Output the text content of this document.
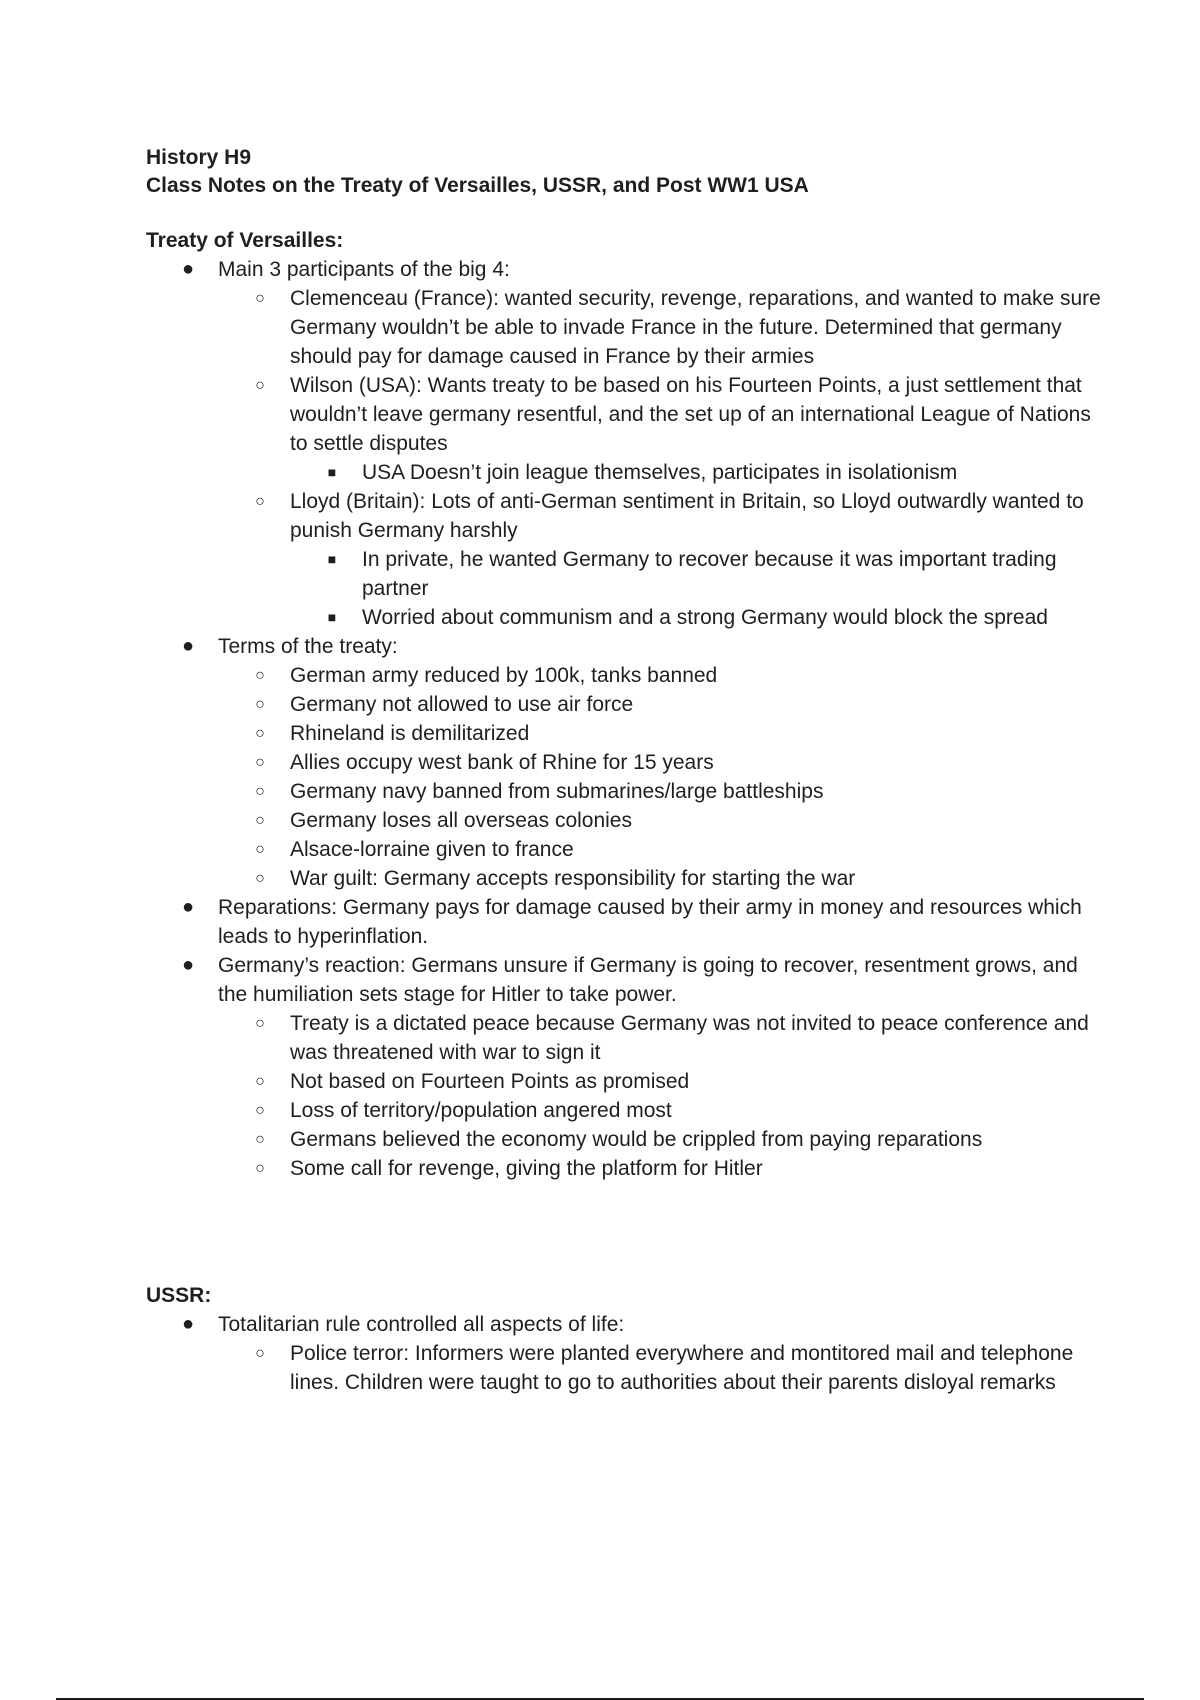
History H9

Class Notes on the Treaty of Versailles, USSR, and Post WW1 USA

Treaty of Versailles:

● Main 3 participants of the big 4:
○ Clemenceau (France): wanted security, revenge, reparations, and wanted to make sure Germany wouldn’t be able to invade France in the future. Determined that germany should pay for damage caused in France by their armies
○ Wilson (USA): Wants treaty to be based on his Fourteen Points, a just settlement that wouldn’t leave germany resentful, and the set up of an international League of Nations to settle disputes
■ USA Doesn’t join league themselves, participates in isolationism
○ Lloyd (Britain): Lots of anti-German sentiment in Britain, so Lloyd outwardly wanted to punish Germany harshly
■ In private, he wanted Germany to recover because it was important trading partner
■ Worried about communism and a strong Germany would block the spread
● Terms of the treaty:
○ German army reduced by 100k, tanks banned
○ Germany not allowed to use air force
○ Rhineland is demilitarized
○ Allies occupy west bank of Rhine for 15 years
○ Germany navy banned from submarines/large battleships
○ Germany loses all overseas colonies
○ Alsace-lorraine given to france
○ War guilt: Germany accepts responsibility for starting the war
● Reparations: Germany pays for damage caused by their army in money and resources which leads to hyperinflation.
● Germany’s reaction: Germans unsure if Germany is going to recover, resentment grows, and the humiliation sets stage for Hitler to take power.
○ Treaty is a dictated peace because Germany was not invited to peace conference and was threatened with war to sign it
○ Not based on Fourteen Points as promised
○ Loss of territory/population angered most
○ Germans believed the economy would be crippled from paying reparations
○ Some call for revenge, giving the platform for Hitler

USSR:

● Totalitarian rule controlled all aspects of life:
○ Police terror: Informers were planted everywhere and montitored mail and telephone lines. Children were taught to go to authorities about their parents disloyal remarks
